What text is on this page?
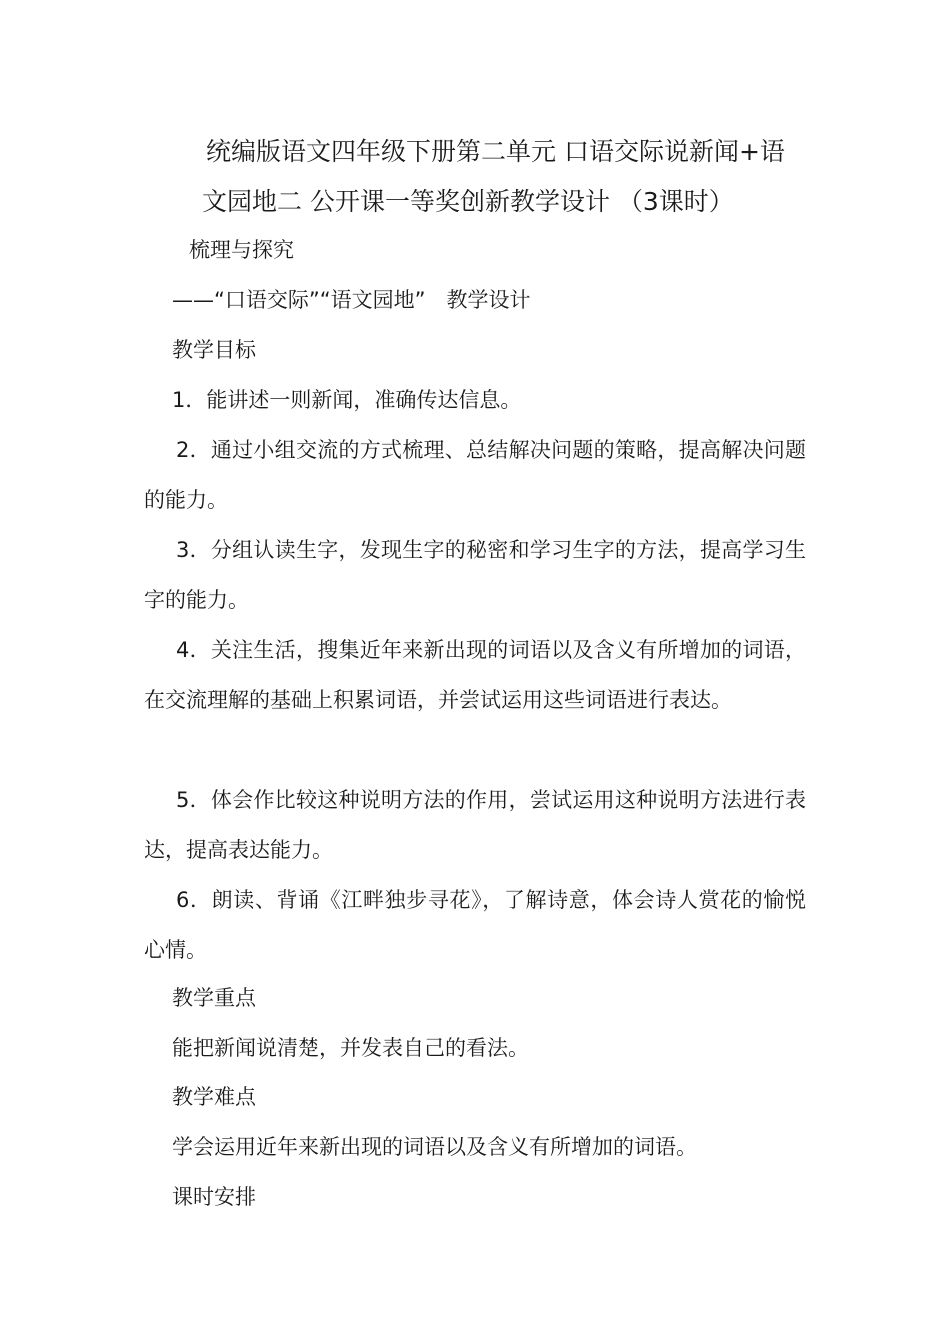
统编版语文四年级下册第二单元 口语交际说新闻+语
文园地二 公开课一等奖创新教学设计 （3课时）
梳理与探究
——“口语交际”“语文园地”　教学设计
教学目标
1．能讲述一则新闻，准确传达信息。
2．通过小组交流的方式梳理、总结解决问题的策略，提高解决问题的能力。
3．分组认读生字，发现生字的秘密和学习生字的方法，提高学习生字的能力。
4．关注生活，搜集近年来新出现的词语以及含义有所增加的词语，在交流理解的基础上积累词语，并尝试运用这些词语进行表达。
5．体会作比较这种说明方法的作用，尝试运用这种说明方法进行表达，提高表达能力。
6．朗读、背诵《江畔独步寻花》，了解诗意，体会诗人赏花的愉悦心情。
教学重点
能把新闻说清楚，并发表自己的看法。
教学难点
学会运用近年来新出现的词语以及含义有所增加的词语。
课时安排
